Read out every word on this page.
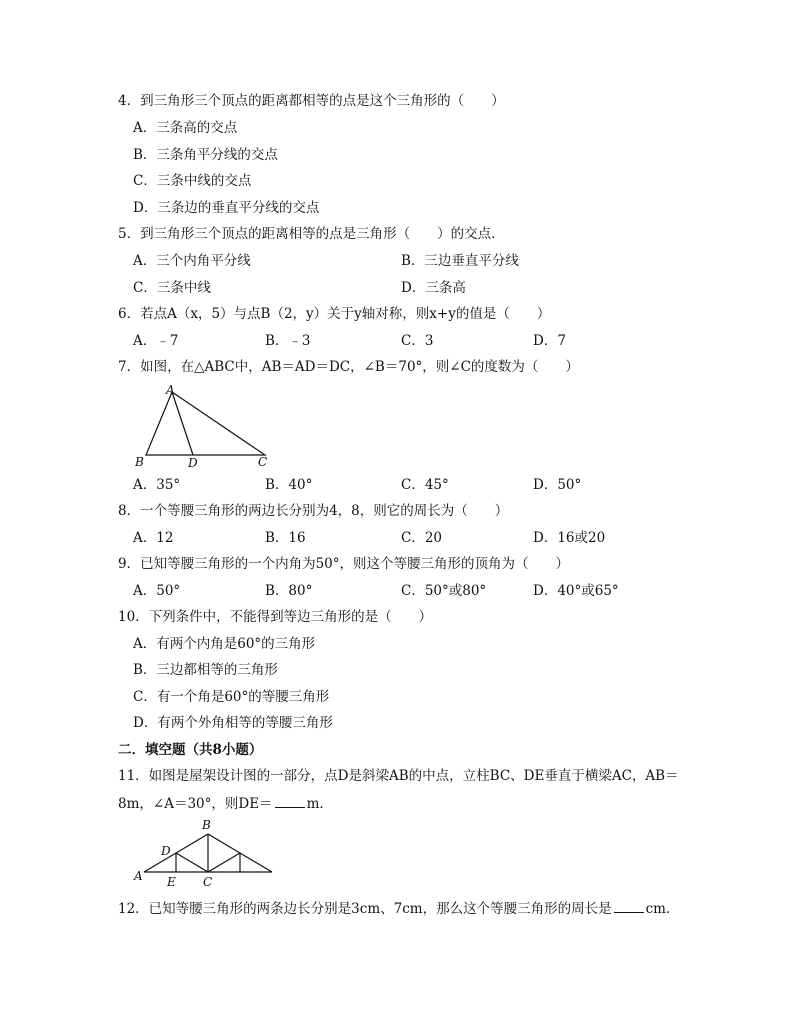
4．到三角形三个顶点的距离都相等的点是这个三角形的（　　）
A．三条高的交点
B．三条角平分线的交点
C．三条中线的交点
D．三条边的垂直平分线的交点
5．到三角形三个顶点的距离相等的点是三角形（　　）的交点．
A．三个内角平分线	B．三边垂直平分线
C．三条中线	D．三条高
6．若点A（x，5）与点B（2，y）关于y轴对称，则x+y的值是（　　）
A．﹣7	B．﹣3	C．3	D．7
7．如图，在△ABC中，AB＝AD＝DC，∠B＝70°，则∠C的度数为（　　）
A
B	D	C
A．35°	B．40°	C．45°	D．50°
8．一个等腰三角形的两边长分别为4，8，则它的周长为（　　）
A．12	B．16	C．20	D．16或20
9．已知等腰三角形的一个内角为50°，则这个等腰三角形的顶角为（　　）
A．50°	B．80°	C．50°或80°	D．40°或65°
10．下列条件中，不能得到等边三角形的是（　　）
A．有两个内角是60°的三角形
B．三边都相等的三角形
C．有一个角是60°的等腰三角形
D．有两个外角相等的等腰三角形
二．填空题（共8小题）
11．如图是屋架设计图的一部分，点D是斜梁AB的中点，立柱BC、DE垂直于横梁AC，AB＝
8m，∠A＝30°，则DE＝	m．
B
D
A E C
12．已知等腰三角形的两条边长分别是3cm、7cm，那么这个等腰三角形的周长是	cm．
